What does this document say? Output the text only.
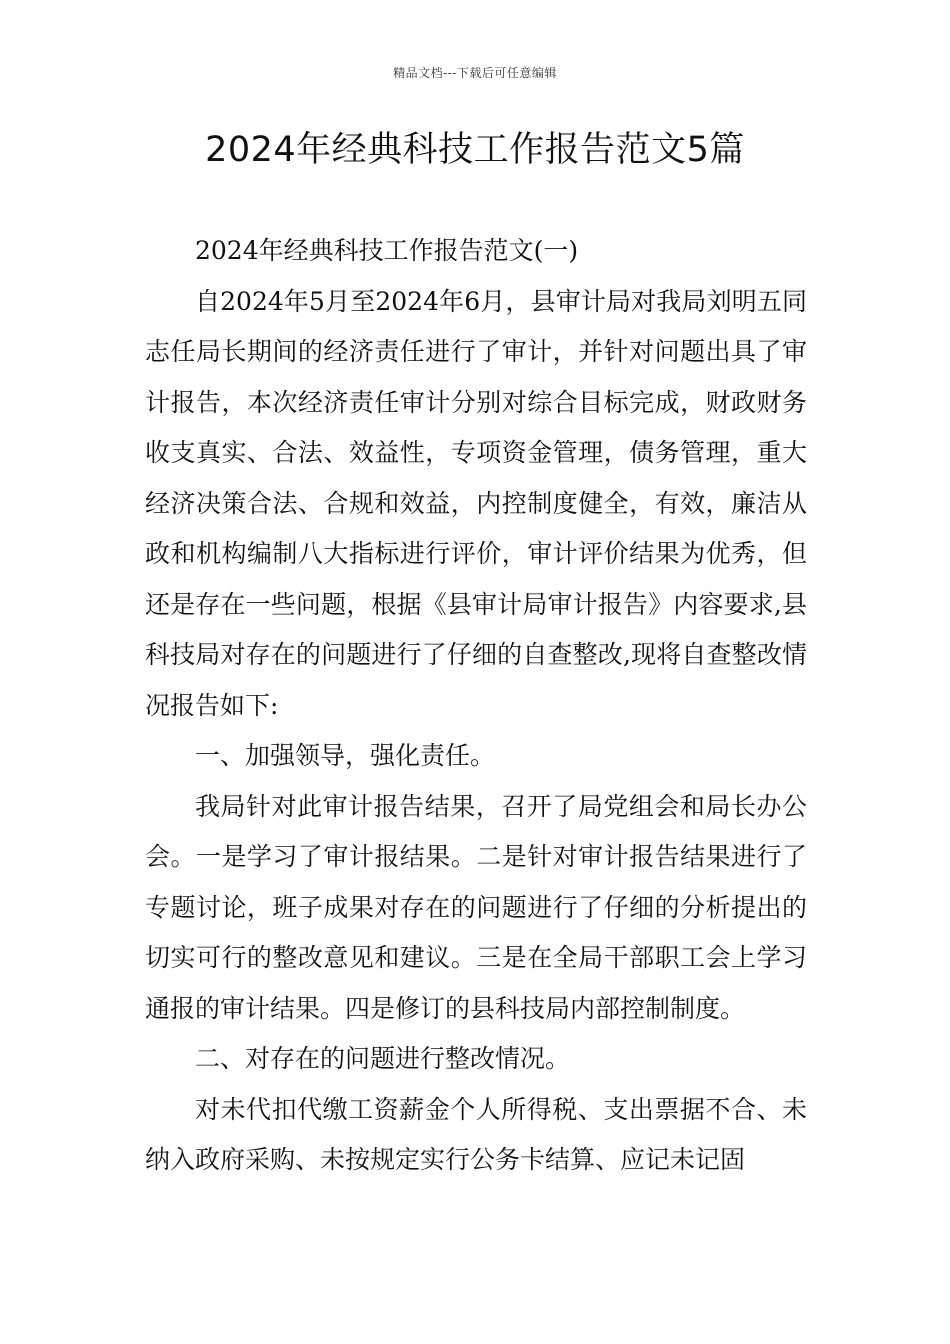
精品文档---下载后可任意编辑
2024年经典科技工作报告范文5篇

2024年经典科技工作报告范文(一)

自2024年5月至2024年6月，县审计局对我局刘明五同志任局长期间的经济责任进行了审计，并针对问题出具了审计报告，本次经济责任审计分别对综合目标完成，财政财务收支真实、合法、效益性，专项资金管理，债务管理，重大经济决策合法、合规和效益，内控制度健全，有效，廉洁从政和机构编制八大指标进行评价，审计评价结果为优秀，但还是存在一些问题，根据《县审计局审计报告》内容要求,县科技局对存在的问题进行了仔细的自查整改,现将自查整改情况报告如下:

一、加强领导，强化责任。

我局针对此审计报告结果，召开了局党组会和局长办公会。一是学习了审计报结果。二是针对审计报告结果进行了专题讨论，班子成果对存在的问题进行了仔细的分析提出的切实可行的整改意见和建议。三是在全局干部职工会上学习通报的审计结果。四是修订的县科技局内部控制制度。

二、对存在的问题进行整改情况。

对未代扣代缴工资薪金个人所得税、支出票据不合、未纳入政府采购、未按规定实行公务卡结算、应记未记固
